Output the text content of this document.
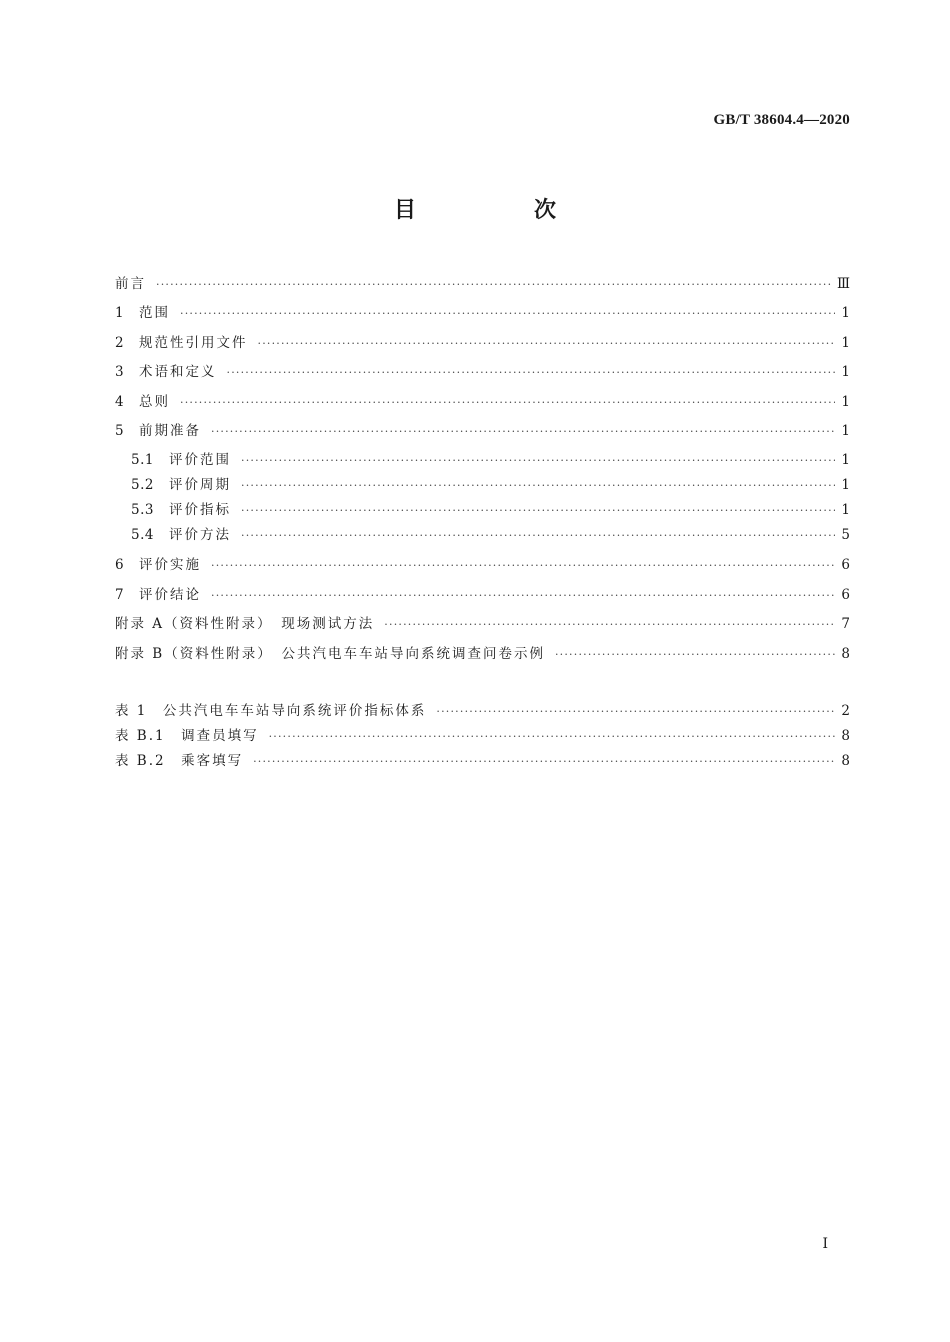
GB/T 38604.4—2020
目　次
前言 ·····	Ⅲ
1	范围 ·····	1
2	规范性引用文件 ·····	1
3	术语和定义 ·····	1
4	总则 ·····	1
5	前期准备 ·····	1
5.1	评价范围 ·····	1
5.2	评价周期 ·····	1
5.3	评价指标 ·····	1
5.4	评价方法 ·····	5
6	评价实施 ·····	6
7	评价结论 ·····	6
附录 A（资料性附录）　现场测试方法 ·····	7
附录 B（资料性附录）　公共汽电车车站导向系统调查问卷示例 ·····	8
表 1　公共汽电车车站导向系统评价指标体系 ·····	2
表 B.1　调查员填写 ·····	8
表 B.2　乘客填写 ·····	8
I
